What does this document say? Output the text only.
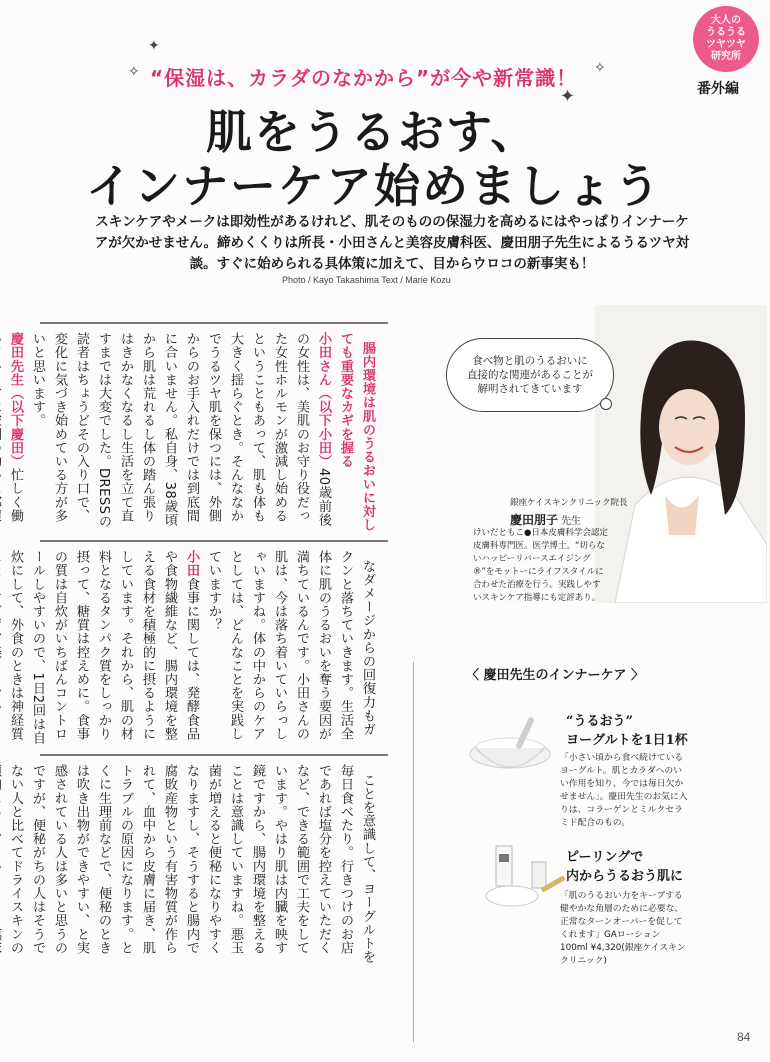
大人の
うるうる
ツヤツヤ
研究所
番外編
✦
✧
✦
✧
“保湿は、カラダのなかから”が今や新常識！
肌をうるおす、
インナーケア始めましょう
スキンケアやメークは即効性があるけれど、肌そのものの保湿力を高めるにはやっぱりインナーケアが欠かせません。締めくくりは所長・小田さんと美容皮膚科医、慶田朋子先生によるうるツヤ対談。すぐに始められる具体策に加えて、目からウロコの新事実も！
Photo / Kayo Takashima Text / Marie Kozu

腸内環境は肌のうるおいに対しても重要なカギを握る
小田さん（以下小田）40歳前後の女性は、美肌のお守り役だった女性ホルモンが激減し始めるということもあって、肌も体も大きく揺らぐとき。そんななかでうるツヤ肌を保つには、外側からのお手入れだけでは到底間に合いません。私自身、38歳頃から肌は荒れるし体の踏ん張りはきかなくなるし生活を立て直すまでは大変でした。DRESSの読者はちょうどその入り口で、変化に気づき始めている方が多いと思います。
慶田先生（以下慶田）忙しく働

なダメージからの回復力もガクンと落ちていきます。生活全体に肌のうるおいを奪う要因が満ちているんです。小田さんの肌は、今は落ち着いていらっしゃいますね。体の中からのケアとしては、どんなことを実践していますか？
小田食事に関しては、発酵食品や食物繊維など、腸内環境を整える食材を積極的に摂るようにしています。それから、肌の材料となるタンパク質をしっかり摂って、糖質は控えめに。食事の質は自炊がいちばんコントロールしやすいので、1日2回は自炊にして、外食のときは神経質

ことを意識して、ヨーグルトを毎日食べたり。行きつけのお店であれば塩分を控えていただくなど、できる範囲で工夫をしています。やはり肌は内臓を映す鏡ですから、腸内環境を整えることは意識していますね。悪玉菌が増えると便秘になりやすくなりますし、そうすると腸内で腐敗産物という有害物質が作られて、血中から皮膚に届き、肌トラブルの原因になります。とくに生理前などで、便秘のときは吹き出物ができやすい、と実感されている人は多いと思うのですが、便秘がちの人はそうでない人と比べてドライスキンの

食べ物と肌のうるおいに
直接的な関連があることが
解明されてきています
銀座ケイスキンクリニック院長
慶田朋子 先生
けいだともこ●日本皮膚科学会認定皮膚科専門医。医学博士。“切らないハッピーリバースエイジング®”をモットーにライフスタイルに合わせた治療を行う。実践しやすいスキンケア指導にも定評あり。
〈 慶田先生のインナーケア 〉
“うるおう”
ヨーグルトを1日1杯
「小さい頃から食べ続けているヨーグルト。肌とカラダへのいい作用を知り、今では毎日欠かせません」。慶田先生のお気に入りは、コラーゲンとミルクセラミド配合のもの。
ピーリングで
内からうるおう肌に
「肌のうるおい力をキープする健やかな角層のために必要な、正常なターンオーバーを促してくれます」GAローション 100ml ¥4,320(銀座ケイスキンクリニック)
84
